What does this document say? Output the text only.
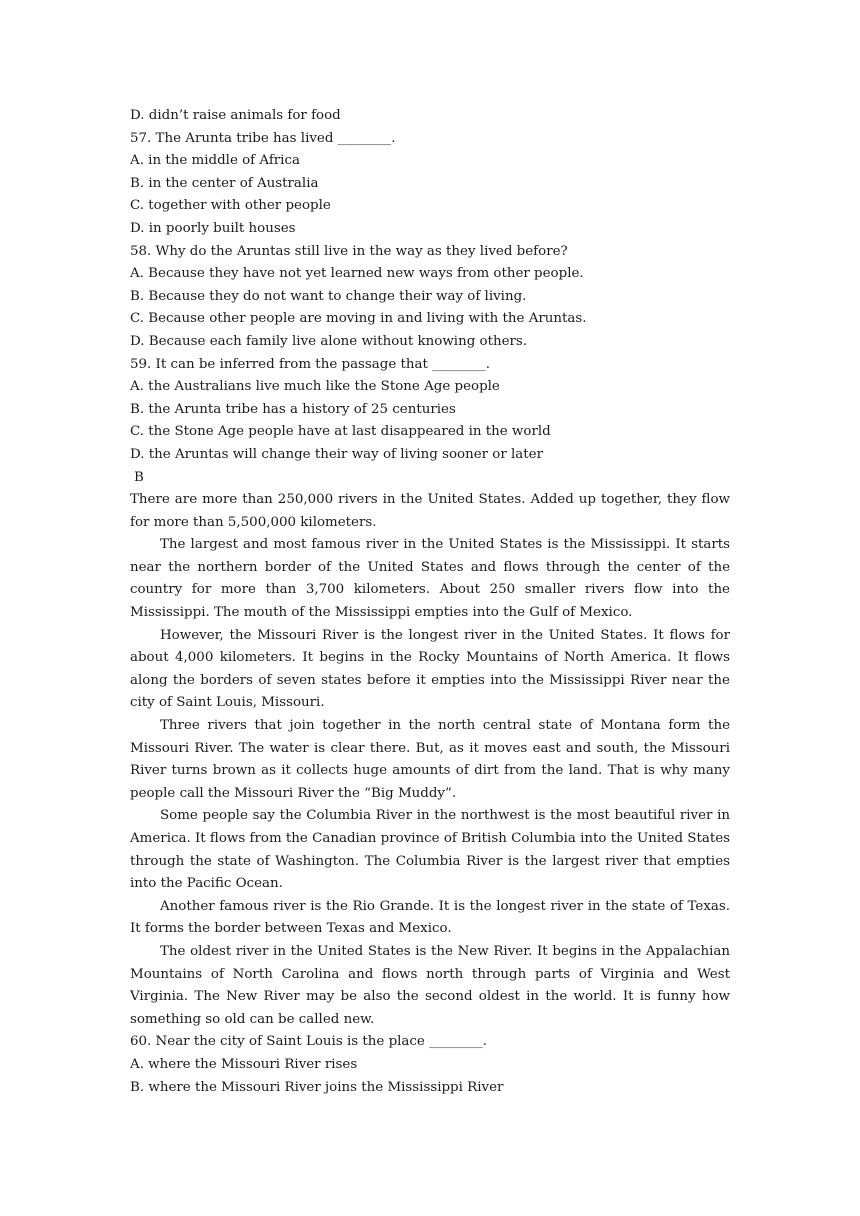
D. didn’t raise animals for food

57. The Arunta tribe has lived ________.

A. in the middle of Africa

B. in the center of Australia

C. together with other people

D. in poorly built houses

58. Why do the Aruntas still live in the way as they lived before?

A. Because they have not yet learned new ways from other people.

B. Because they do not want to change their way of living.

C. Because other people are moving in and living with the Aruntas.

D. Because each family live alone without knowing others.

59. It can be inferred from the passage that ________.

A. the Australians live much like the Stone Age people

B. the Arunta tribe has a history of 25 centuries

C. the Stone Age people have at last disappeared in the world

D. the Aruntas will change their way of living sooner or later

B

There are more than 250,000 rivers in the United States. Added up together, they flow for more than 5,500,000 kilometers.

The largest and most famous river in the United States is the Mississippi. It starts near the northern border of the United States and flows through the center of the country for more than 3,700 kilometers. About 250 smaller rivers flow into the Mississippi. The mouth of the Mississippi empties into the Gulf of Mexico.

However, the Missouri River is the longest river in the United States. It flows for about 4,000 kilometers. It begins in the Rocky Mountains of North America. It flows along the borders of seven states before it empties into the Mississippi River near the city of Saint Louis, Missouri.

Three rivers that join together in the north central state of Montana form the Missouri River. The water is clear there. But, as it moves east and south, the Missouri River turns brown as it collects huge amounts of dirt from the land. That is why many people call the Missouri River the “Big Muddy”.

Some people say the Columbia River in the northwest is the most beautiful river in America. It flows from the Canadian province of British Columbia into the United States through the state of Washington. The Columbia River is the largest river that empties into the Pacific Ocean.

Another famous river is the Rio Grande. It is the longest river in the state of Texas. It forms the border between Texas and Mexico.

The oldest river in the United States is the New River. It begins in the Appalachian Mountains of North Carolina and flows north through parts of Virginia and West Virginia. The New River may be also the second oldest in the world. It is funny how something so old can be called new.

60. Near the city of Saint Louis is the place ________.

A. where the Missouri River rises

B. where the Missouri River joins the Mississippi River
